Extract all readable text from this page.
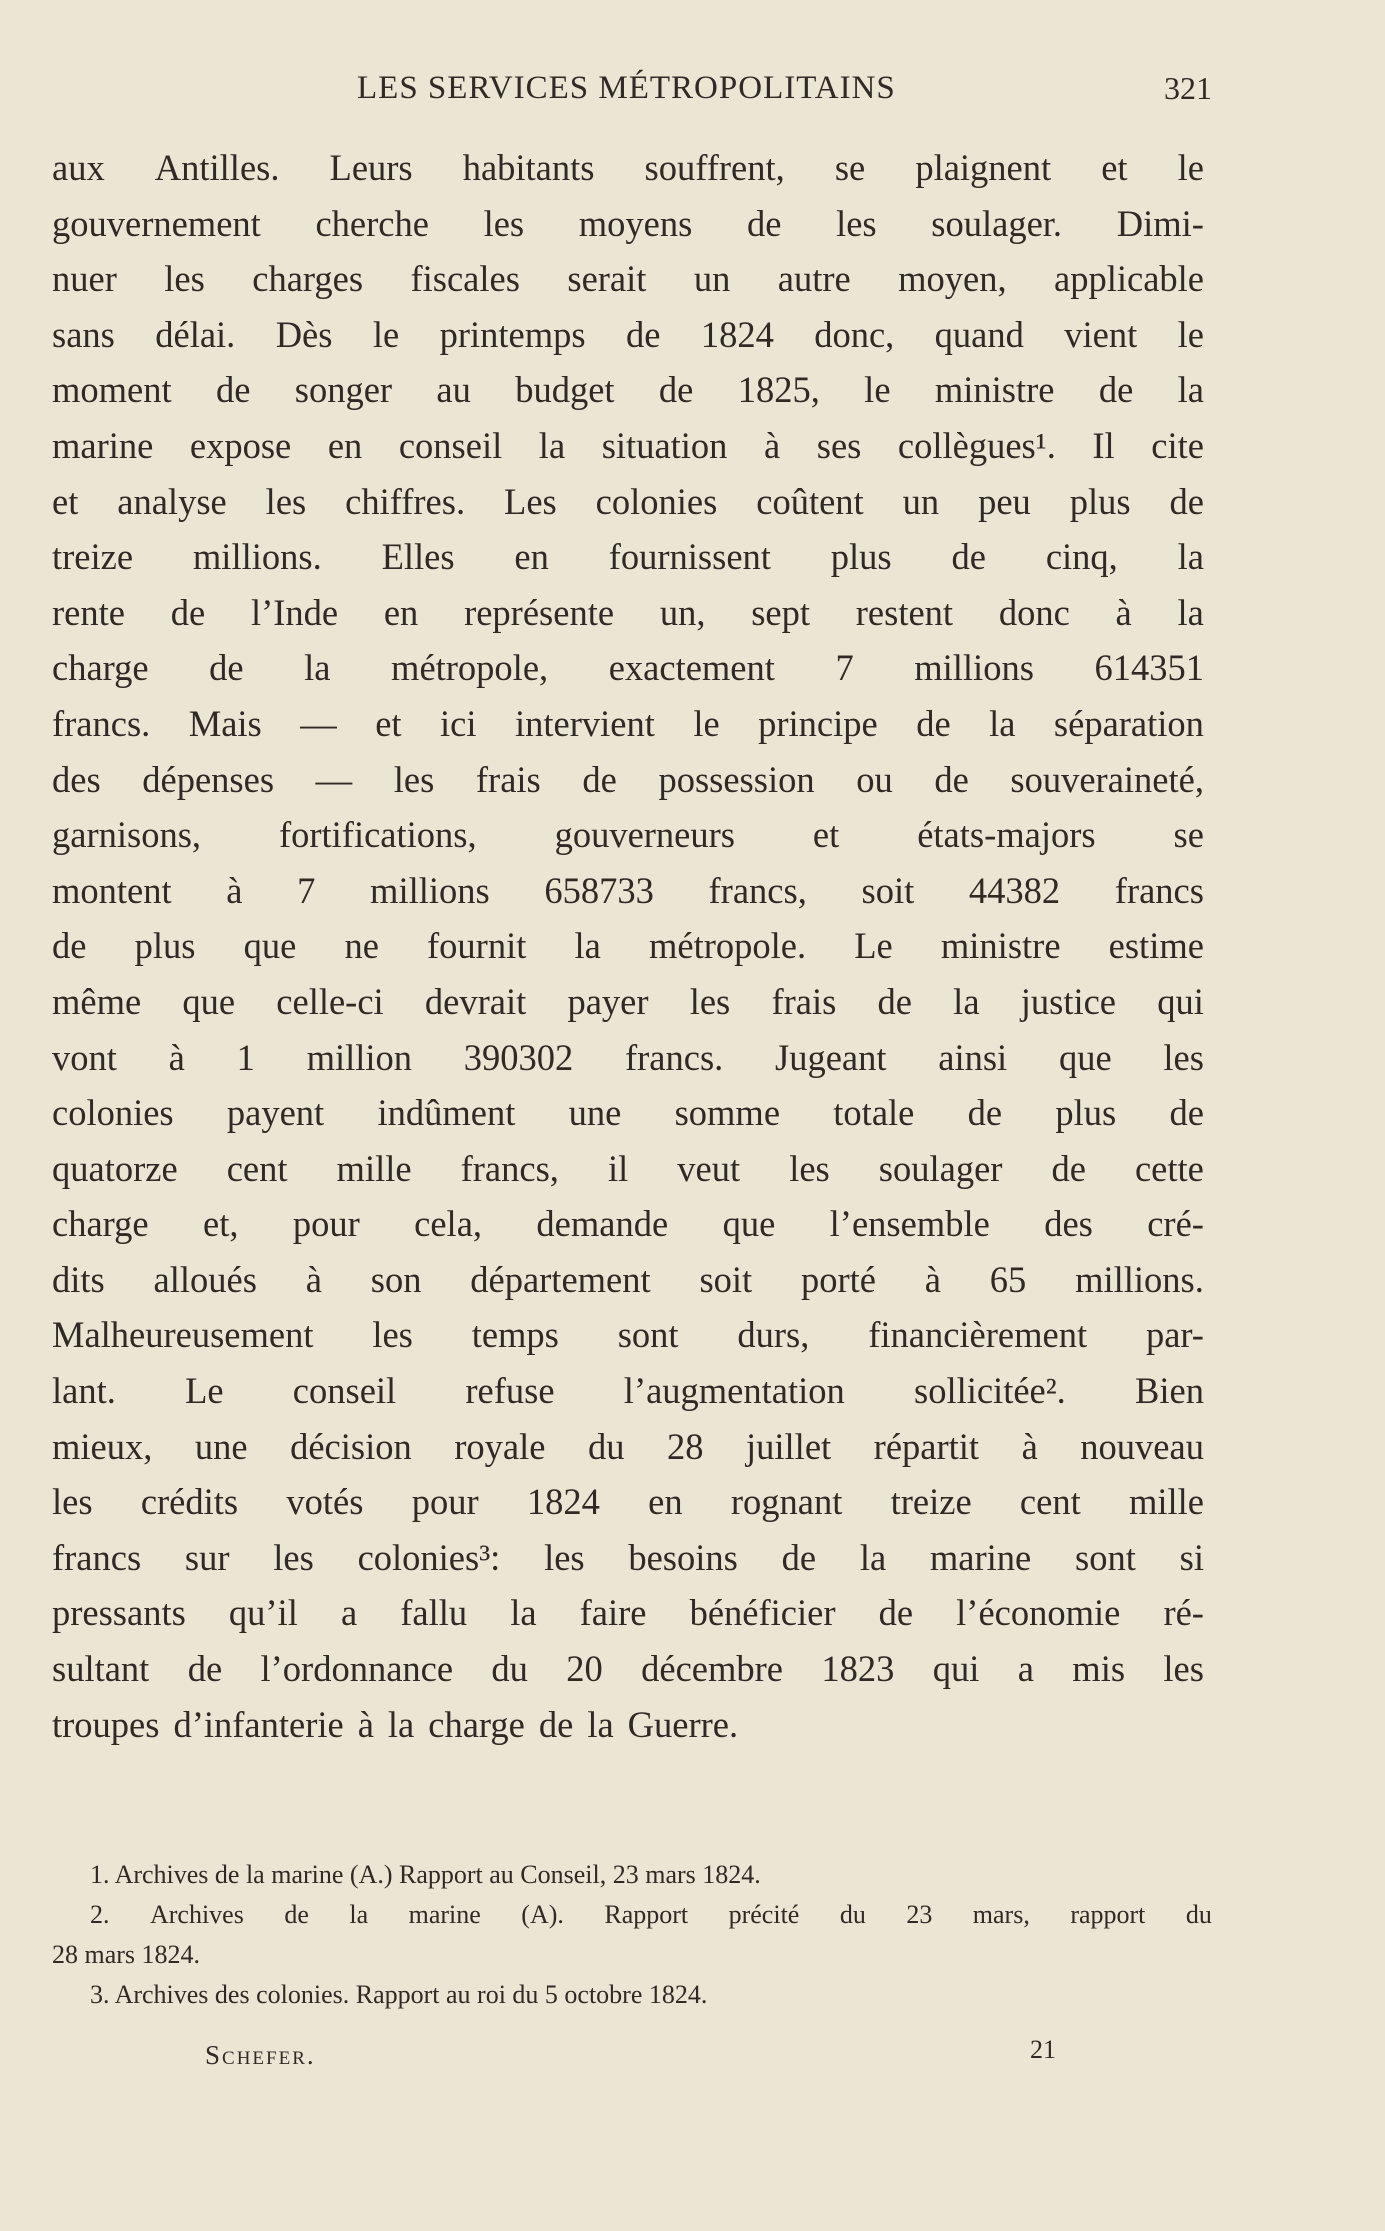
LES SERVICES MÉTROPOLITAINS	321
aux Antilles. Leurs habitants souffrent, se plaignent et le
gouvernement cherche les moyens de les soulager. Dimi-
nuer les charges fiscales serait un autre moyen, applicable
sans délai. Dès le printemps de 1824 donc, quand vient le
moment de songer au budget de 1825, le ministre de la
marine expose en conseil la situation à ses collègues¹. Il cite
et analyse les chiffres. Les colonies coûtent un peu plus de
treize millions. Elles en fournissent plus de cinq, la
rente de l’Inde en représente un, sept restent donc à la
charge de la métropole, exactement 7 millions 614351
francs. Mais — et ici intervient le principe de la séparation
des dépenses — les frais de possession ou de souveraineté,
garnisons, fortifications, gouverneurs et états-majors se
montent à 7 millions 658733 francs, soit 44382 francs
de plus que ne fournit la métropole. Le ministre estime
même que celle-ci devrait payer les frais de la justice qui
vont à 1 million 390302 francs. Jugeant ainsi que les
colonies payent indûment une somme totale de plus de
quatorze cent mille francs, il veut les soulager de cette
charge et, pour cela, demande que l’ensemble des cré-
dits alloués à son département soit porté à 65 millions.
Malheureusement les temps sont durs, financièrement par-
lant. Le conseil refuse l’augmentation sollicitée². Bien
mieux, une décision royale du 28 juillet répartit à nouveau
les crédits votés pour 1824 en rognant treize cent mille
francs sur les colonies³: les besoins de la marine sont si
pressants qu’il a fallu la faire bénéficier de l’économie ré-
sultant de l’ordonnance du 20 décembre 1823 qui a mis les
troupes d’infanterie à la charge de la Guerre.
1. Archives de la marine (A.) Rapport au Conseil, 23 mars 1824.
2. Archives de la marine (A). Rapport précité du 23 mars, rapport du
28 mars 1824.
3. Archives des colonies. Rapport au roi du 5 octobre 1824.
Schefer.	21
